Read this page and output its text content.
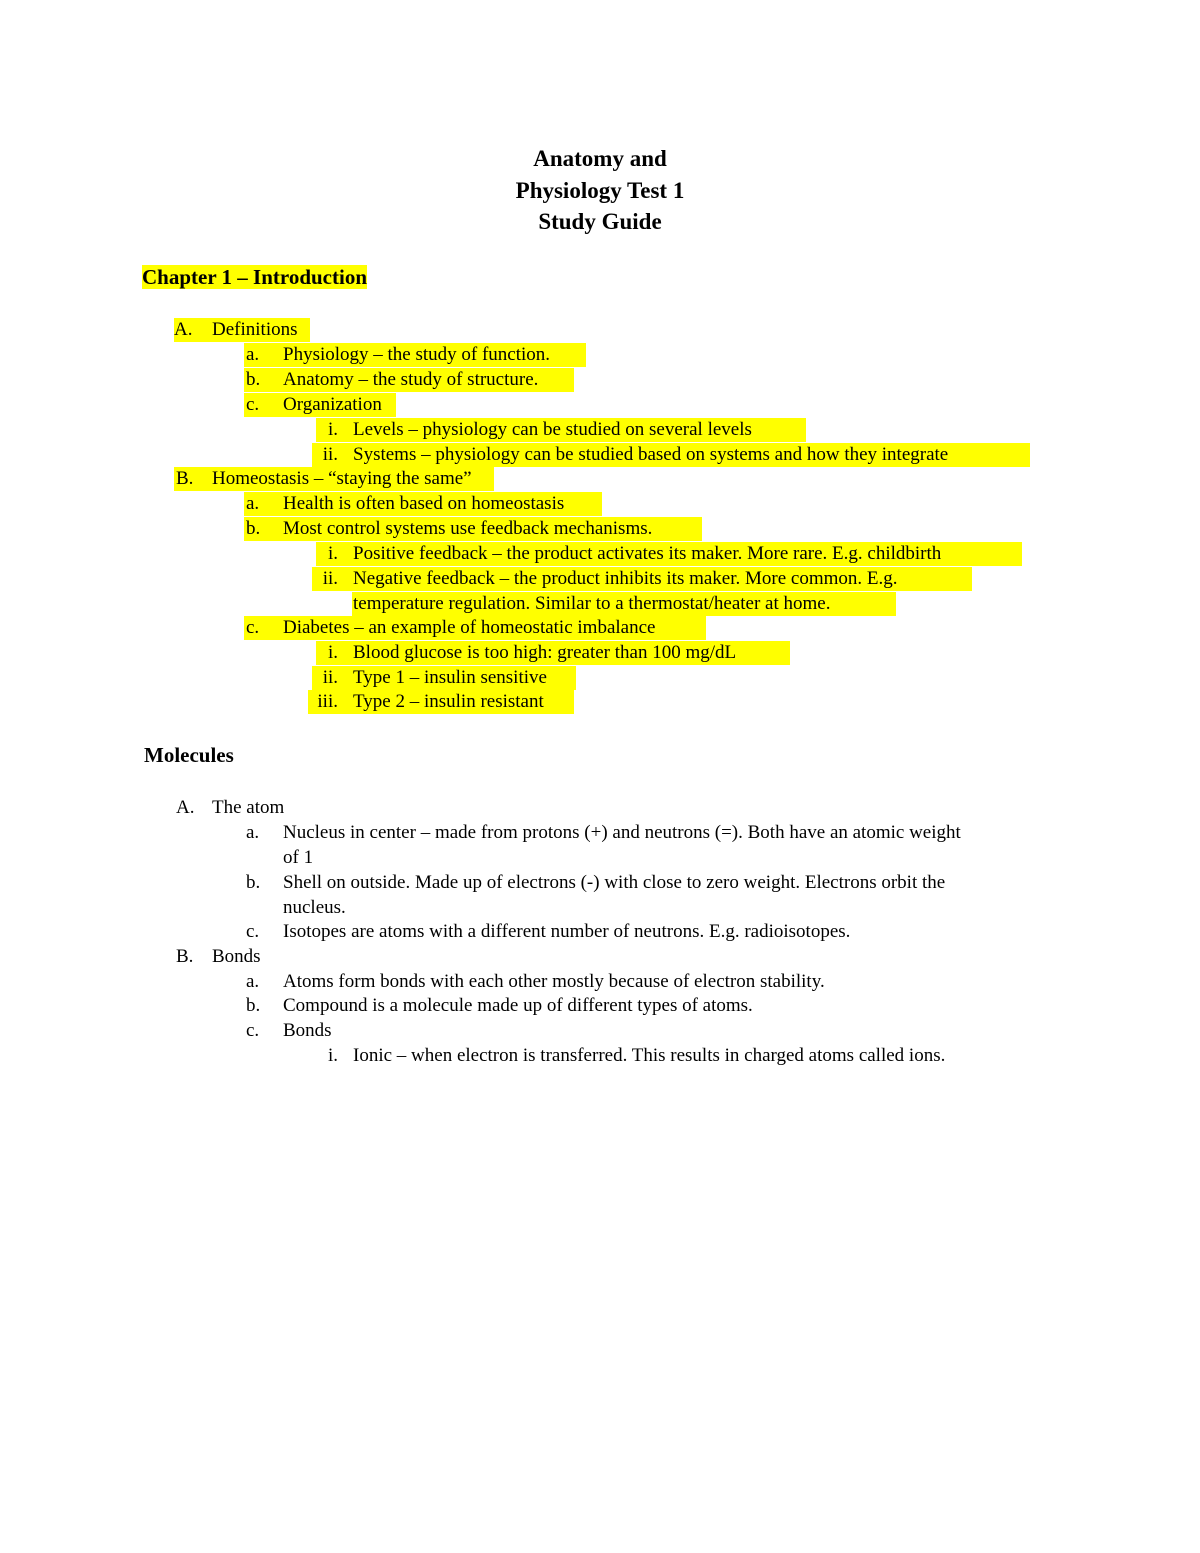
Anatomy and
Physiology Test 1
Study Guide
Chapter 1 – Introduction
A. Definitions
a. Physiology – the study of function.
b. Anatomy – the study of structure.
c. Organization
i. Levels – physiology can be studied on several levels
ii. Systems – physiology can be studied based on systems and how they integrate
B. Homeostasis – “staying the same”
a. Health is often based on homeostasis
b. Most control systems use feedback mechanisms.
i. Positive feedback – the product activates its maker. More rare. E.g. childbirth
ii. Negative feedback – the product inhibits its maker. More common. E.g.
temperature regulation. Similar to a thermostat/heater at home.
c. Diabetes – an example of homeostatic imbalance
i. Blood glucose is too high: greater than 100 mg/dL
ii. Type 1 – insulin sensitive
iii. Type 2 – insulin resistant
Molecules
A. The atom
a. Nucleus in center – made from protons (+) and neutrons (=). Both have an atomic weight
of 1
b. Shell on outside. Made up of electrons (-) with close to zero weight. Electrons orbit the
nucleus.
c. Isotopes are atoms with a different number of neutrons. E.g. radioisotopes.
B. Bonds
a. Atoms form bonds with each other mostly because of electron stability.
b. Compound is a molecule made up of different types of atoms.
c. Bonds
i. Ionic – when electron is transferred. This results in charged atoms called ions.
